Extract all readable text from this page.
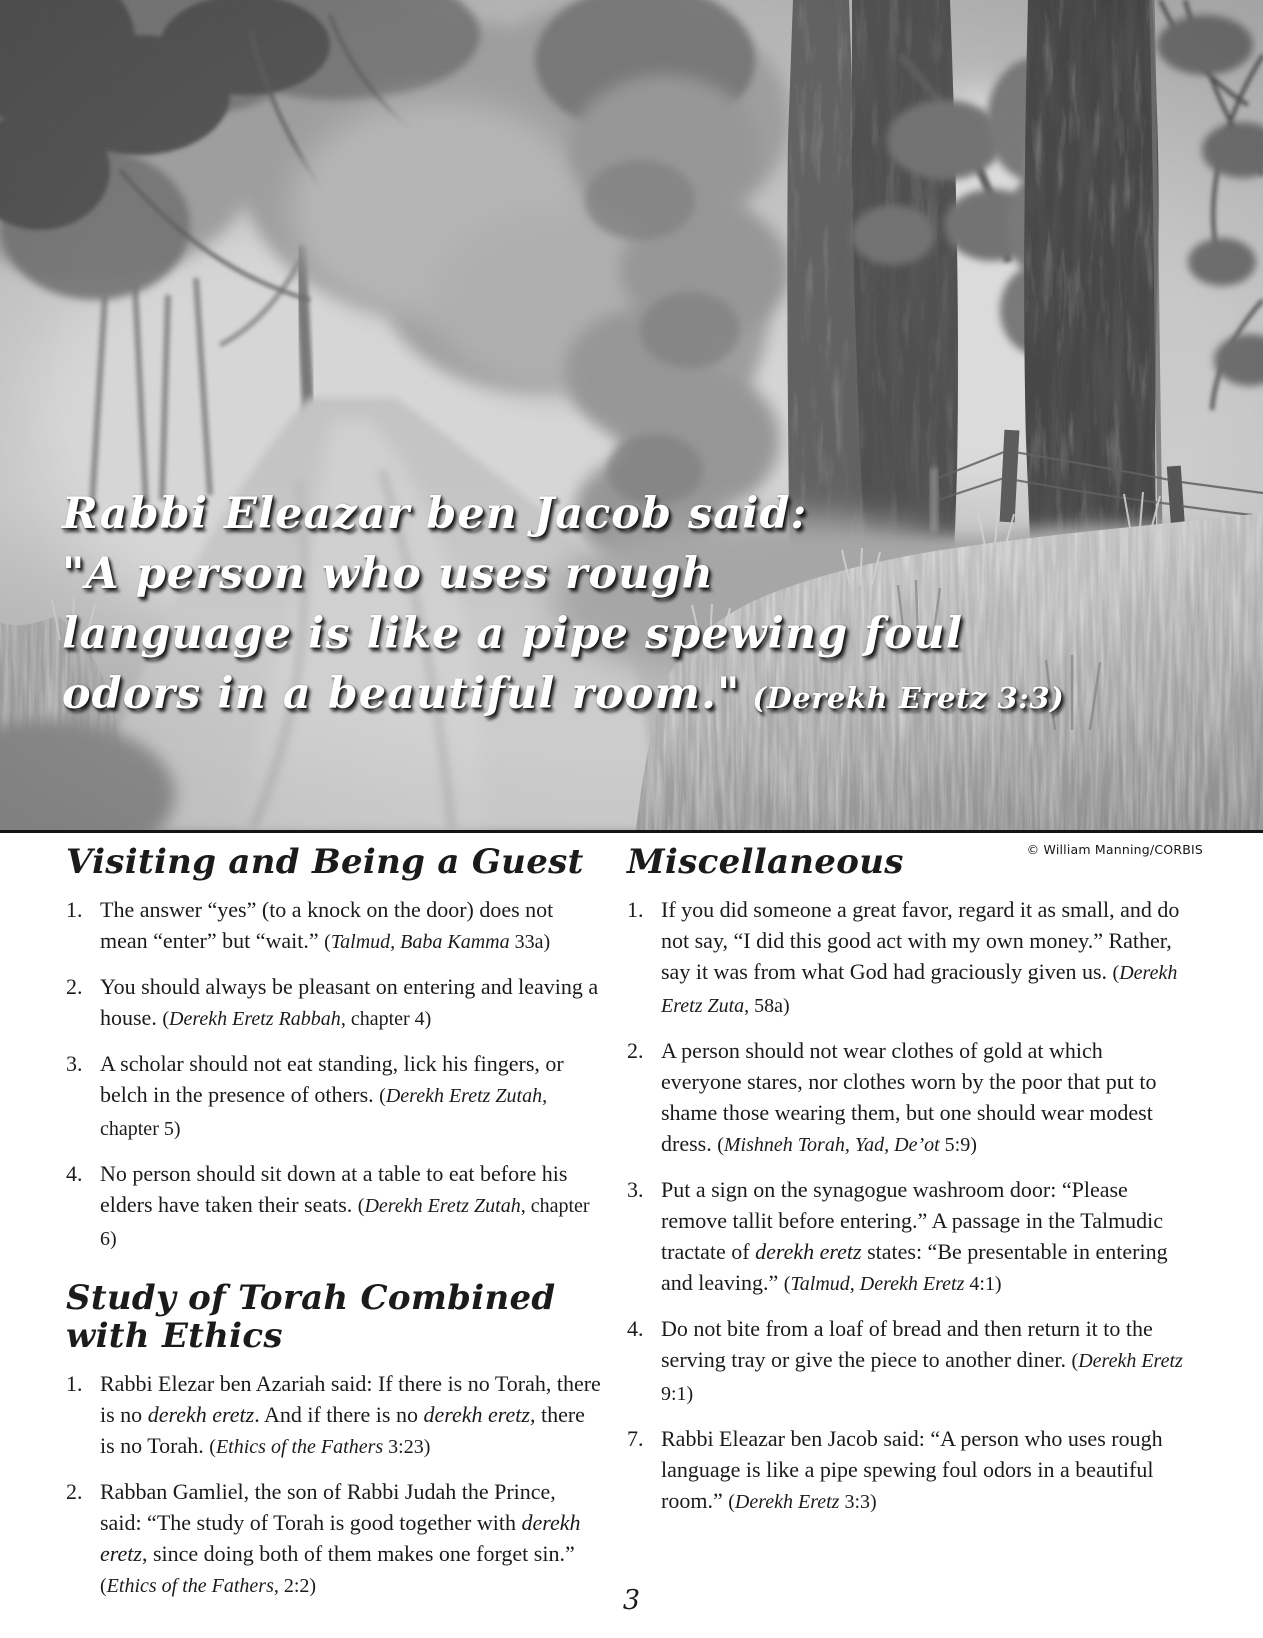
Rabbi Eleazar ben Jacob said:
"A person who uses rough
language is like a pipe spewing foul
odors in a beautiful room." (Derekh Eretz 3:3)
© William Manning/CORBIS
Visiting and Being a Guest
1. The answer “yes” (to a knock on the door) does not mean “enter” but “wait.” (Talmud, Baba Kamma 33a)

2. You should always be pleasant on entering and leaving a house. (Derekh Eretz Rabbah, chapter 4)

3. A scholar should not eat standing, lick his fingers, or belch in the presence of others. (Derekh Eretz Zutah, chapter 5)

4. No person should sit down at a table to eat before his elders have taken their seats. (Derekh Eretz Zutah, chapter 6)

Study of Torah Combined with Ethics
1. Rabbi Elezar ben Azariah said: If there is no Torah, there is no derekh eretz. And if there is no derekh eretz, there is no Torah. (Ethics of the Fathers 3:23)

2. Rabban Gamliel, the son of Rabbi Judah the Prince, said: “The study of Torah is good together with derekh eretz, since doing both of them makes one forget sin.” (Ethics of the Fathers, 2:2)

Miscellaneous
1. If you did someone a great favor, regard it as small, and do not say, “I did this good act with my own money.” Rather, say it was from what God had graciously given us. (Derekh Eretz Zuta, 58a)

2. A person should not wear clothes of gold at which everyone stares, nor clothes worn by the poor that put to shame those wearing them, but one should wear modest dress. (Mishneh Torah, Yad, De’ot 5:9)

3. Put a sign on the synagogue washroom door: “Please remove tallit before entering.” A passage in the Talmudic tractate of derekh eretz states: “Be presentable in entering and leaving.” (Talmud, Derekh Eretz 4:1)

4. Do not bite from a loaf of bread and then return it to the serving tray or give the piece to another diner. (Derekh Eretz 9:1)

7. Rabbi Eleazar ben Jacob said: “A person who uses rough language is like a pipe spewing foul odors in a beautiful room.” (Derekh Eretz 3:3)

3
